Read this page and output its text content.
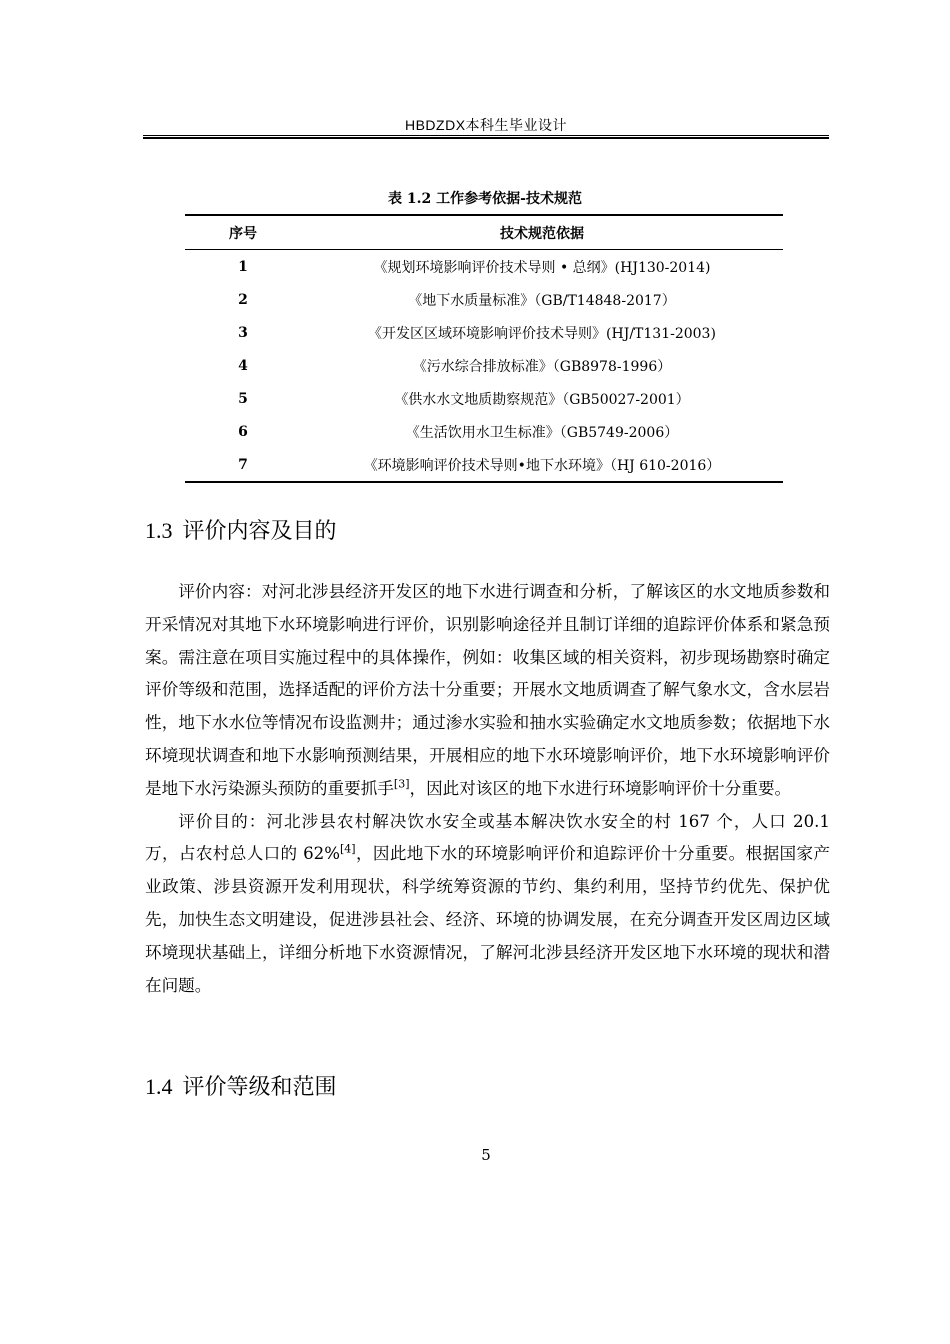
HBDZDX本科生毕业设计
表 1.2 工作参考依据-技术规范
序号	技术规范依据
1	《规划环境影响评价技术导则 • 总纲》(HJ130-2014)
2	《地下水质量标准》（GB/T14848-2017）
3	《开发区区域环境影响评价技术导则》(HJ/T131-2003)
4	《污水综合排放标准》（GB8978-1996）
5	《供水水文地质勘察规范》（GB50027-2001）
6	《生活饮用水卫生标准》（GB5749-2006）
7	《环境影响评价技术导则•地下水环境》（HJ 610-2016）
1.3 评价内容及目的

评价内容：对河北涉县经济开发区的地下水进行调查和分析，了解该区的水文地质参数和开采情况对其地下水环境影响进行评价，识别影响途径并且制订详细的追踪评价体系和紧急预案。需注意在项目实施过程中的具体操作，例如：收集区域的相关资料，初步现场勘察时确定评价等级和范围，选择适配的评价方法十分重要；开展水文地质调查了解气象水文，含水层岩性，地下水水位等情况布设监测井；通过渗水实验和抽水实验确定水文地质参数；依据地下水环境现状调查和地下水影响预测结果，开展相应的地下水环境影响评价，地下水环境影响评价是地下水污染源头预防的重要抓手[3]，因此对该区的地下水进行环境影响评价十分重要。

评价目的：河北涉县农村解决饮水安全或基本解决饮水安全的村 167 个，人口 20.1 万，占农村总人口的 62%[4]，因此地下水的环境影响评价和追踪评价十分重要。根据国家产业政策、涉县资源开发利用现状，科学统筹资源的节约、集约利用，坚持节约优先、保护优先，加快生态文明建设，促进涉县社会、经济、环境的协调发展，在充分调查开发区周边区域环境现状基础上，详细分析地下水资源情况，了解河北涉县经济开发区地下水环境的现状和潜在问题。

1.4 评价等级和范围
5
